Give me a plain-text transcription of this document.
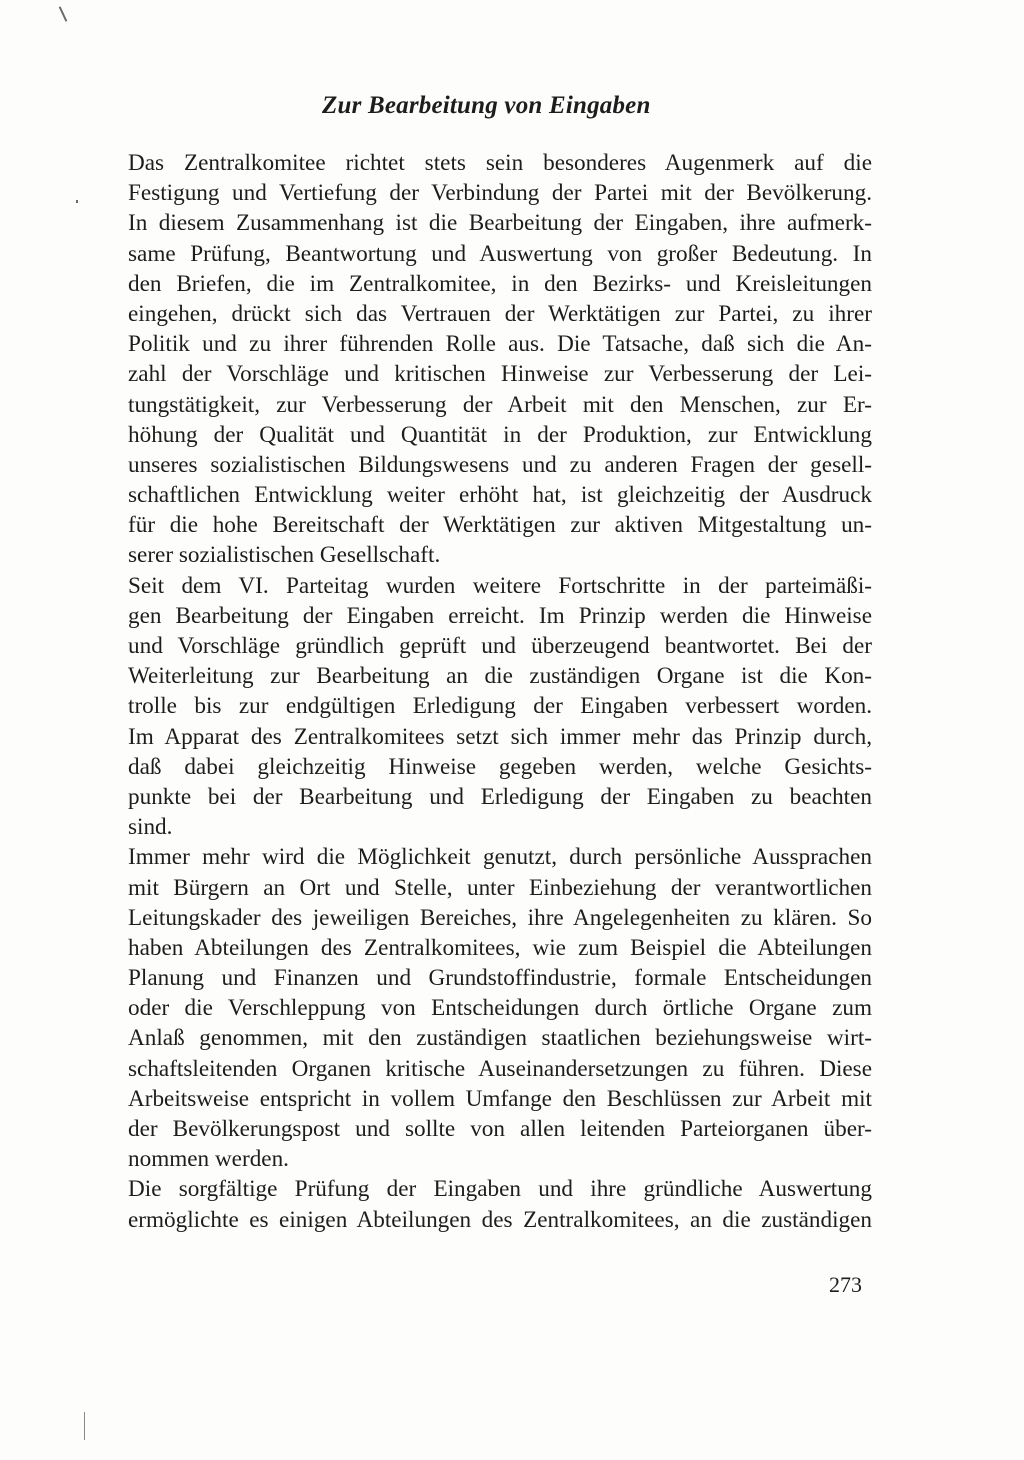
Zur Bearbeitung von Eingaben
Das Zentralkomitee richtet stets sein besonderes Augenmerk auf die
Festigung und Vertiefung der Verbindung der Partei mit der Bevölkerung.
In diesem Zusammenhang ist die Bearbeitung der Eingaben, ihre aufmerk-
same Prüfung, Beantwortung und Auswertung von großer Bedeutung. In
den Briefen, die im Zentralkomitee, in den Bezirks- und Kreisleitungen
eingehen, drückt sich das Vertrauen der Werktätigen zur Partei, zu ihrer
Politik und zu ihrer führenden Rolle aus. Die Tatsache, daß sich die An-
zahl der Vorschläge und kritischen Hinweise zur Verbesserung der Lei-
tungstätigkeit, zur Verbesserung der Arbeit mit den Menschen, zur Er-
höhung der Qualität und Quantität in der Produktion, zur Entwicklung
unseres sozialistischen Bildungswesens und zu anderen Fragen der gesell-
schaftlichen Entwicklung weiter erhöht hat, ist gleichzeitig der Ausdruck
für die hohe Bereitschaft der Werktätigen zur aktiven Mitgestaltung un-
serer sozialistischen Gesellschaft.
Seit dem VI. Parteitag wurden weitere Fortschritte in der parteimäßi-
gen Bearbeitung der Eingaben erreicht. Im Prinzip werden die Hinweise
und Vorschläge gründlich geprüft und überzeugend beantwortet. Bei der
Weiterleitung zur Bearbeitung an die zuständigen Organe ist die Kon-
trolle bis zur endgültigen Erledigung der Eingaben verbessert worden.
Im Apparat des Zentralkomitees setzt sich immer mehr das Prinzip durch,
daß dabei gleichzeitig Hinweise gegeben werden, welche Gesichts-
punkte bei der Bearbeitung und Erledigung der Eingaben zu beachten
sind.
Immer mehr wird die Möglichkeit genutzt, durch persönliche Aussprachen
mit Bürgern an Ort und Stelle, unter Einbeziehung der verantwortlichen
Leitungskader des jeweiligen Bereiches, ihre Angelegenheiten zu klären. So
haben Abteilungen des Zentralkomitees, wie zum Beispiel die Abteilungen
Planung und Finanzen und Grundstoffindustrie, formale Entscheidungen
oder die Verschleppung von Entscheidungen durch örtliche Organe zum
Anlaß genommen, mit den zuständigen staatlichen beziehungsweise wirt-
schaftsleitenden Organen kritische Auseinandersetzungen zu führen. Diese
Arbeitsweise entspricht in vollem Umfange den Beschlüssen zur Arbeit mit
der Bevölkerungspost und sollte von allen leitenden Parteiorganen über-
nommen werden.
Die sorgfältige Prüfung der Eingaben und ihre gründliche Auswertung
ermöglichte es einigen Abteilungen des Zentralkomitees, an die zuständigen
273
